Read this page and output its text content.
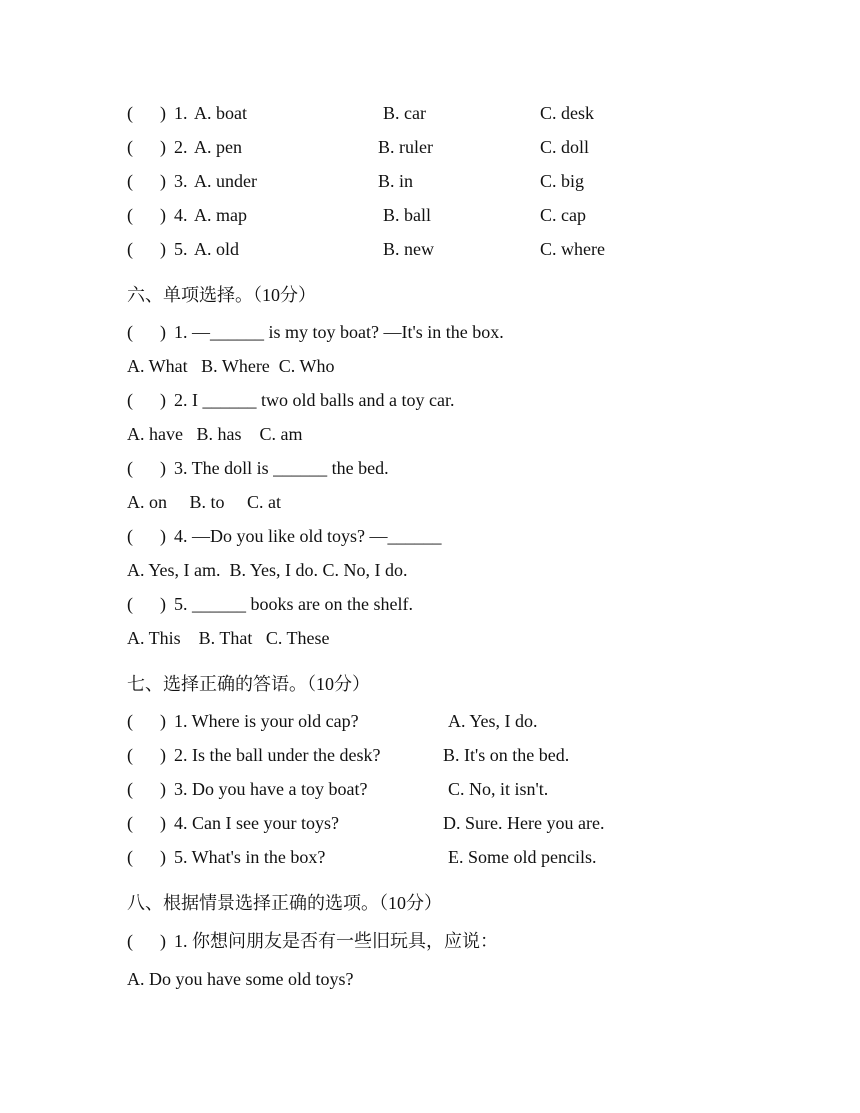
(      ) 1. A. boat	B. car	C. desk
(      ) 2. A. pen	B. ruler	C. doll
(      ) 3. A. under	B. in	C. big
(      ) 4. A. map	B. ball	C. cap
(      ) 5. A. old	B. new	C. where
六、单项选择。（10分）
(      ) 1. —______ is my toy boat? —It's in the box.
A. What   B. Where  C. Who
(      ) 2. I ______ two old balls and a toy car.
A. have   B. has    C. am
(      ) 3. The doll is ______ the bed.
A. on     B. to     C. at
(      ) 4. —Do you like old toys? —______
A. Yes, I am.  B. Yes, I do. C. No, I do.
(      ) 5. ______ books are on the shelf.
A. This    B. That   C. These
七、选择正确的答语。（10分）
(      ) 1. Where is your old cap?	A. Yes, I do.
(      ) 2. Is the ball under the desk?	B. It's on the bed.
(      ) 3. Do you have a toy boat?	C. No, it isn't.
(      ) 4. Can I see your toys?	D. Sure. Here you are.
(      ) 5. What's in the box?	E. Some old pencils.
八、根据情景选择正确的选项。（10分）
(      ) 1. 你想问朋友是否有一些旧玩具，应说：
A. Do you have some old toys?
